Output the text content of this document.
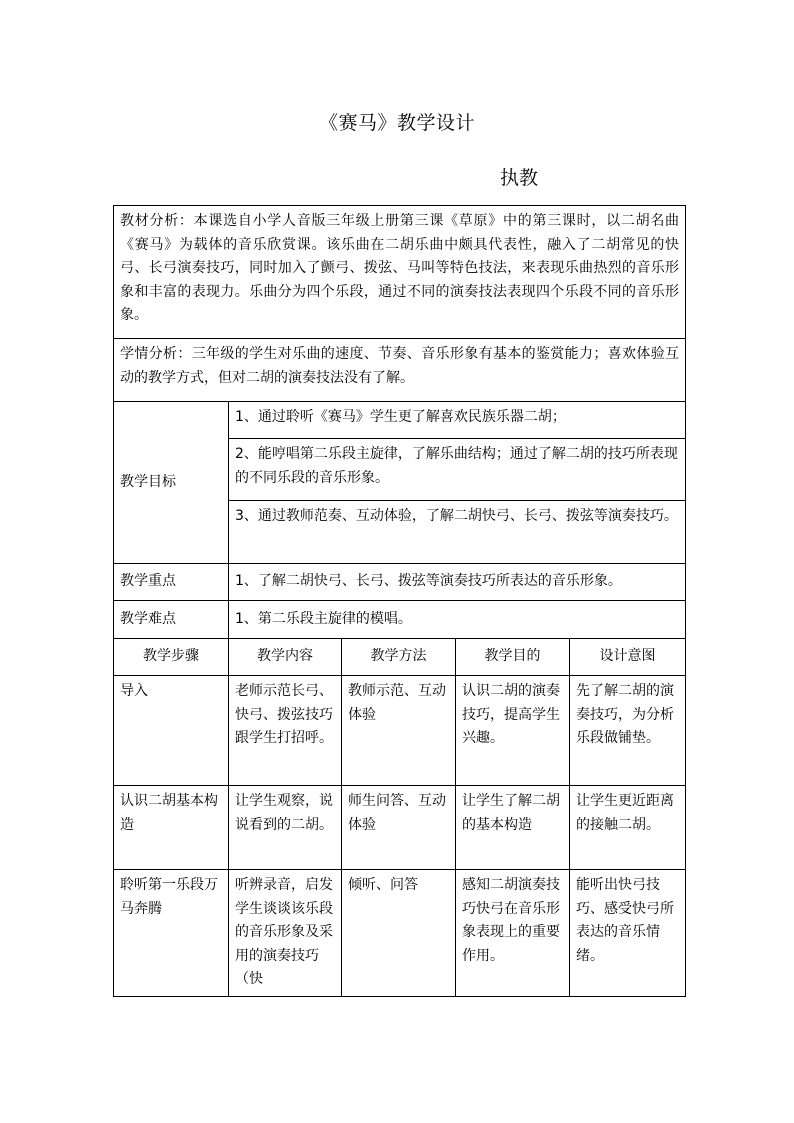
《赛马》教学设计
执教
教材分析：本课选自小学人音版三年级上册第三课《草原》中的第三课时，以二胡名曲《赛马》为载体的音乐欣赏课。该乐曲在二胡乐曲中颇具代表性，融入了二胡常见的快弓、长弓演奏技巧，同时加入了颤弓、拨弦、马叫等特色技法，来表现乐曲热烈的音乐形象和丰富的表现力。乐曲分为四个乐段，通过不同的演奏技法表现四个乐段不同的音乐形象。				
学情分析：三年级的学生对乐曲的速度、节奏、音乐形象有基本的鉴赏能力；喜欢体验互动的教学方式，但对二胡的演奏技法没有了解。				
教学目标	1、通过聆听《赛马》学生更了解喜欢民族乐器二胡；			
	2、能哼唱第二乐段主旋律，了解乐曲结构；通过了解二胡的技巧所表现的不同乐段的音乐形象。			
	3、通过教师范奏、互动体验，了解二胡快弓、长弓、拨弦等演奏技巧。			
教学重点	1、了解二胡快弓、长弓、拨弦等演奏技巧所表达的音乐形象。			
教学难点	1、第二乐段主旋律的模唱。			
教学步骤	教学内容	教学方法	教学目的	设计意图
导入	老师示范长弓、快弓、拨弦技巧跟学生打招呼。	教师示范、互动体验	认识二胡的演奏技巧，提高学生兴趣。	先了解二胡的演奏技巧，为分析乐段做铺垫。
认识二胡基本构造	让学生观察，说说看到的二胡。	师生问答、互动体验	让学生了解二胡的基本构造	让学生更近距离的接触二胡。
聆听第一乐段万马奔腾	听辨录音，启发学生谈谈该乐段的音乐形象及采用的演奏技巧（快	倾听、问答	感知二胡演奏技巧快弓在音乐形象表现上的重要作用。	能听出快弓技巧、感受快弓所表达的音乐情绪。
